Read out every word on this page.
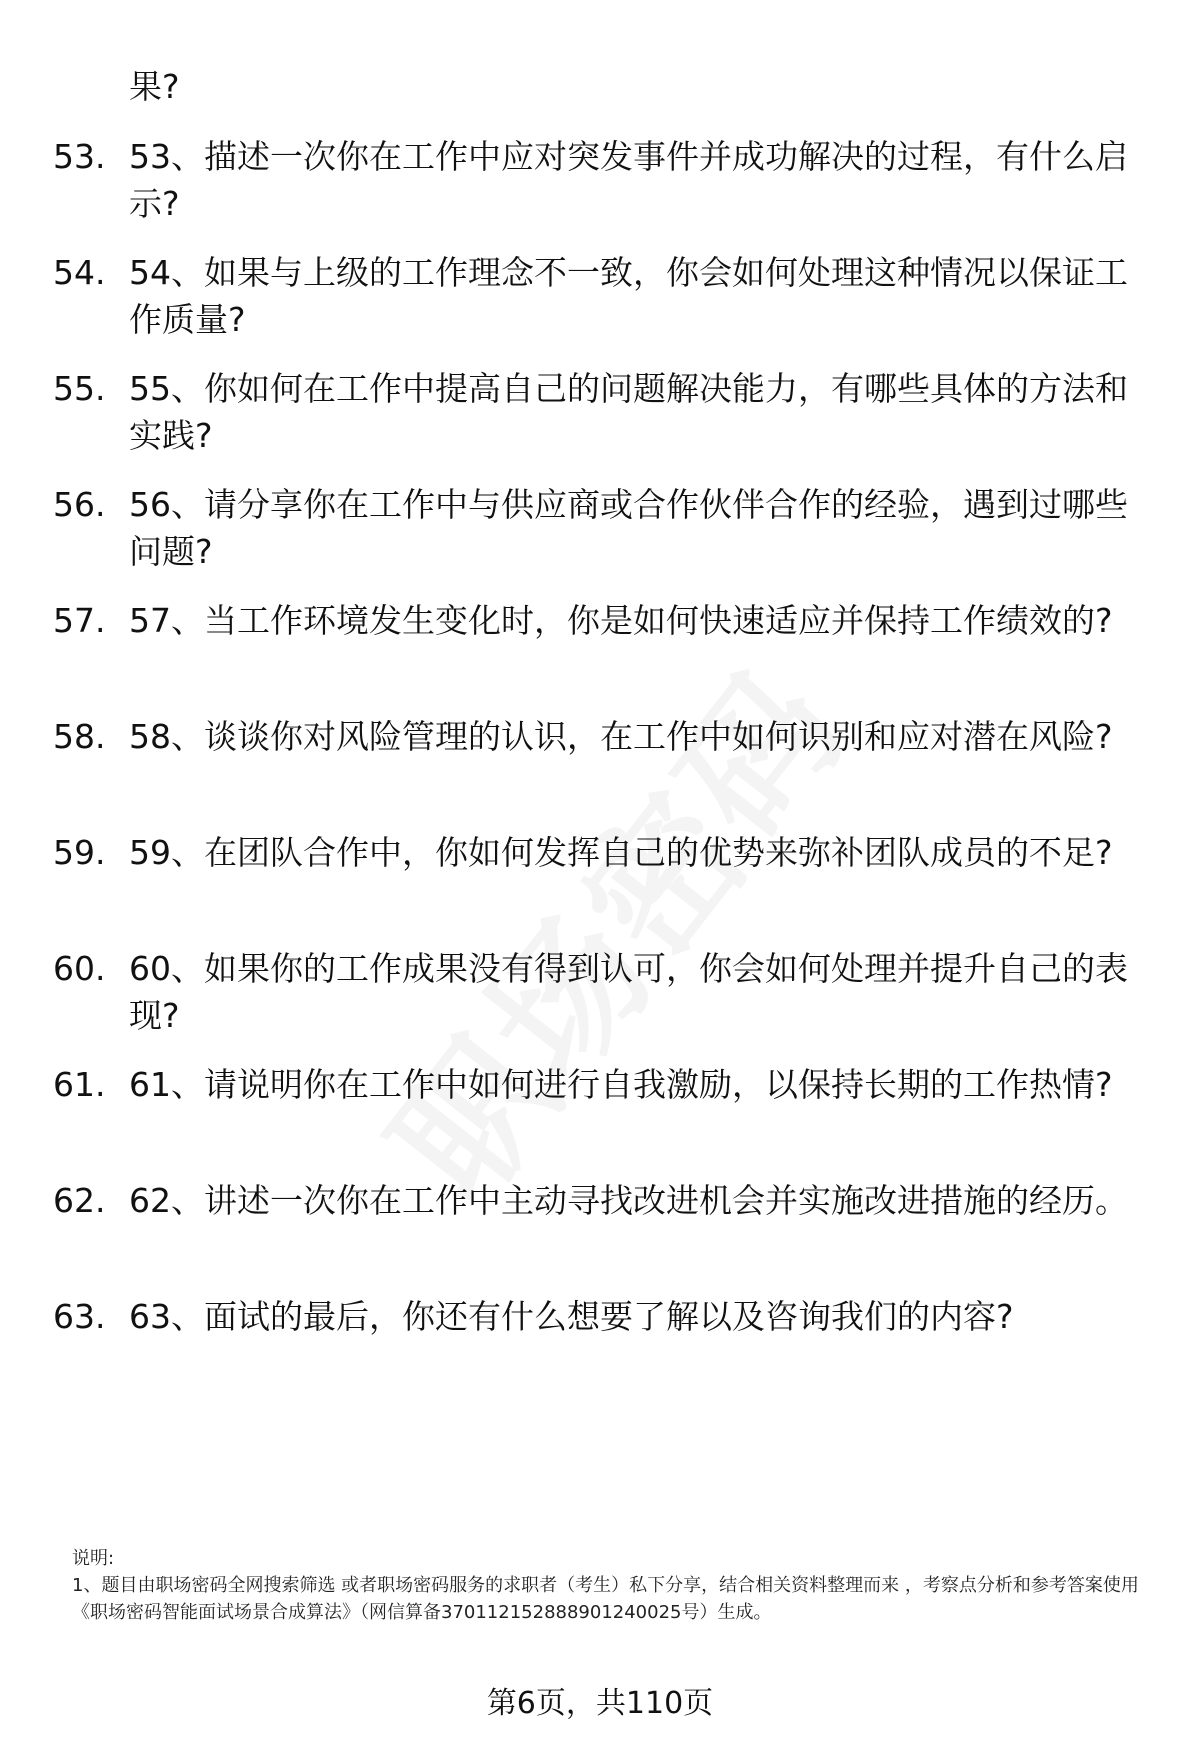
果?
53. 53、描述一次你在工作中应对突发事件并成功解决的过程，有什么启示?
54. 54、如果与上级的工作理念不一致，你会如何处理这种情况以保证工作质量?
55. 55、你如何在工作中提高自己的问题解决能力，有哪些具体的方法和实践?
56. 56、请分享你在工作中与供应商或合作伙伴合作的经验，遇到过哪些问题?
57. 57、当工作环境发生变化时，你是如何快速适应并保持工作绩效的?
58. 58、谈谈你对风险管理的认识，在工作中如何识别和应对潜在风险?
59. 59、在团队合作中，你如何发挥自己的优势来弥补团队成员的不足?
60. 60、如果你的工作成果没有得到认可，你会如何处理并提升自己的表现?
61. 61、请说明你在工作中如何进行自我激励，以保持长期的工作热情?
62. 62、讲述一次你在工作中主动寻找改进机会并实施改进措施的经历。
63. 63、面试的最后，你还有什么想要了解以及咨询我们的内容?

说明:

1、题目由职场密码全网搜索筛选 或者职场密码服务的求职者（考生）私下分享，结合相关资料整理而来 ，考察点分析和参考答案使用《职场密码智能面试场景合成算法》（网信算备370112152888901240025号）生成。

第6页，共110页
